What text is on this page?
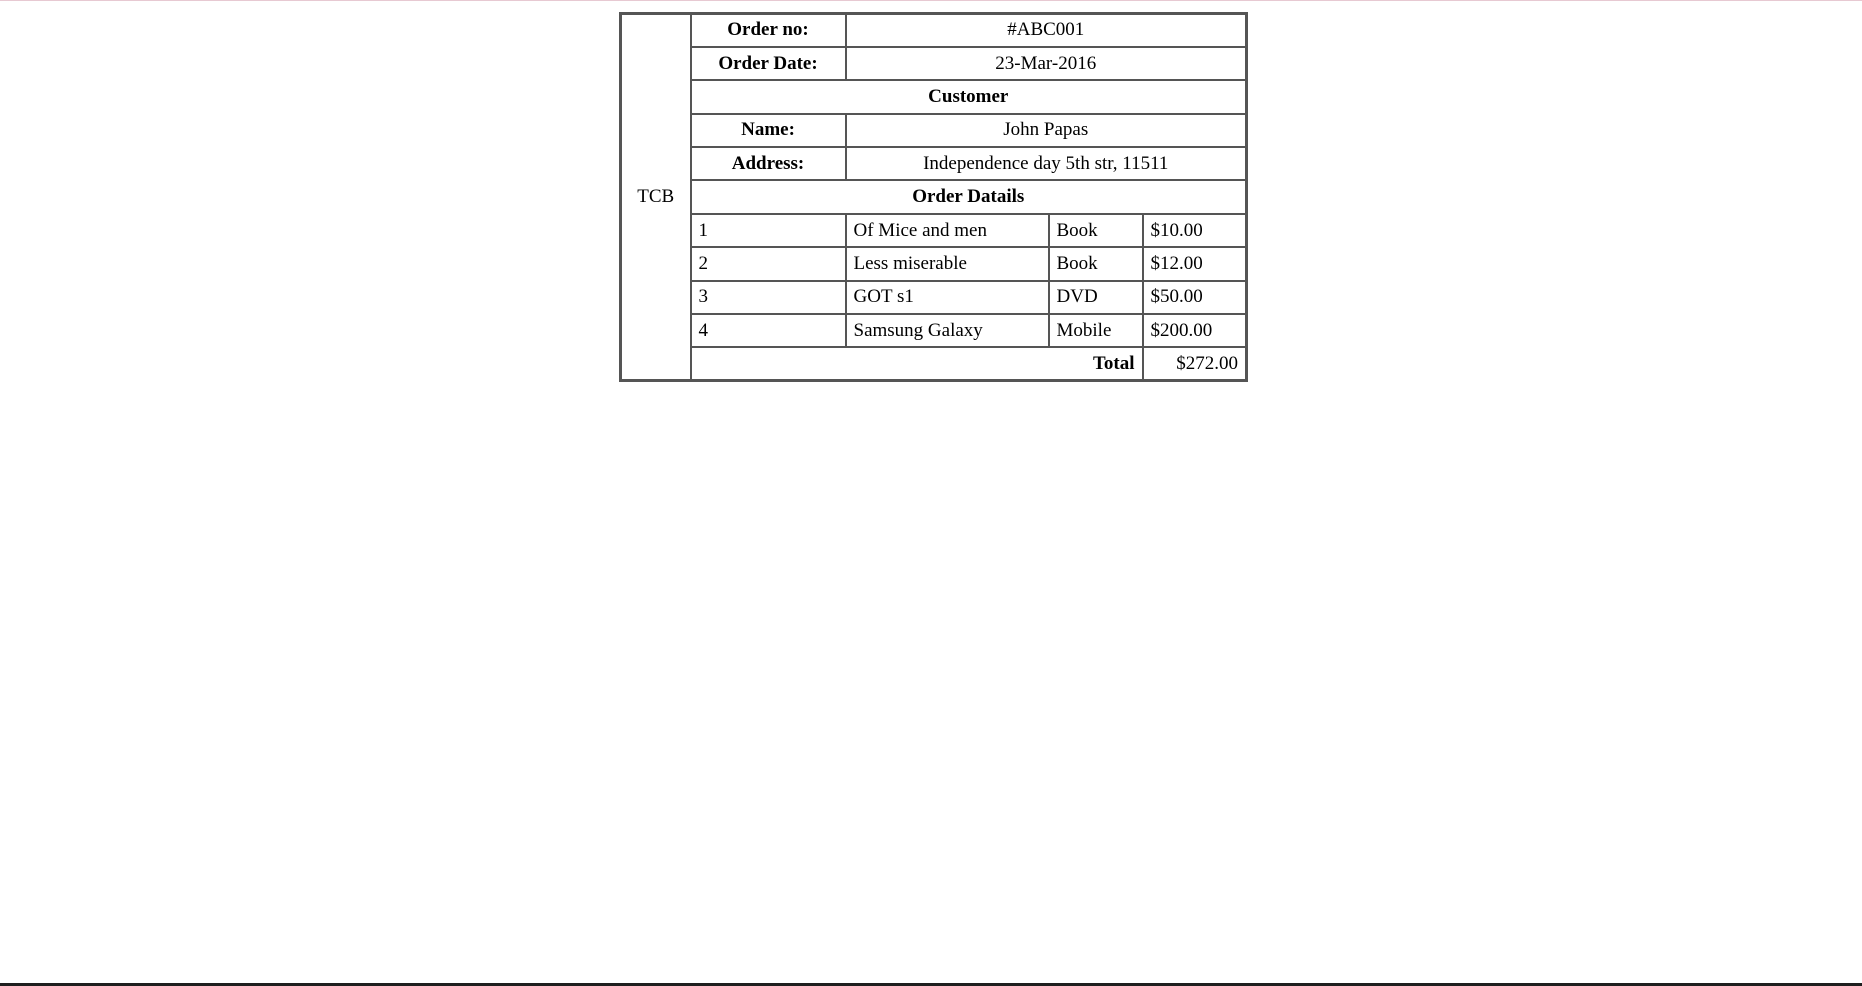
TCB	Order no:	#ABC001		
	Order Date:	23-Mar-2016		
	Customer			
	Name:	John Papas		
	Address:	Independence day 5th str, 11511		
	Order Datails			
	1	Of Mice and men	Book	$10.00
	2	Less miserable	Book	$12.00
	3	GOT s1	DVD	$50.00
	4	Samsung Galaxy	Mobile	$200.00
	Total			$272.00
